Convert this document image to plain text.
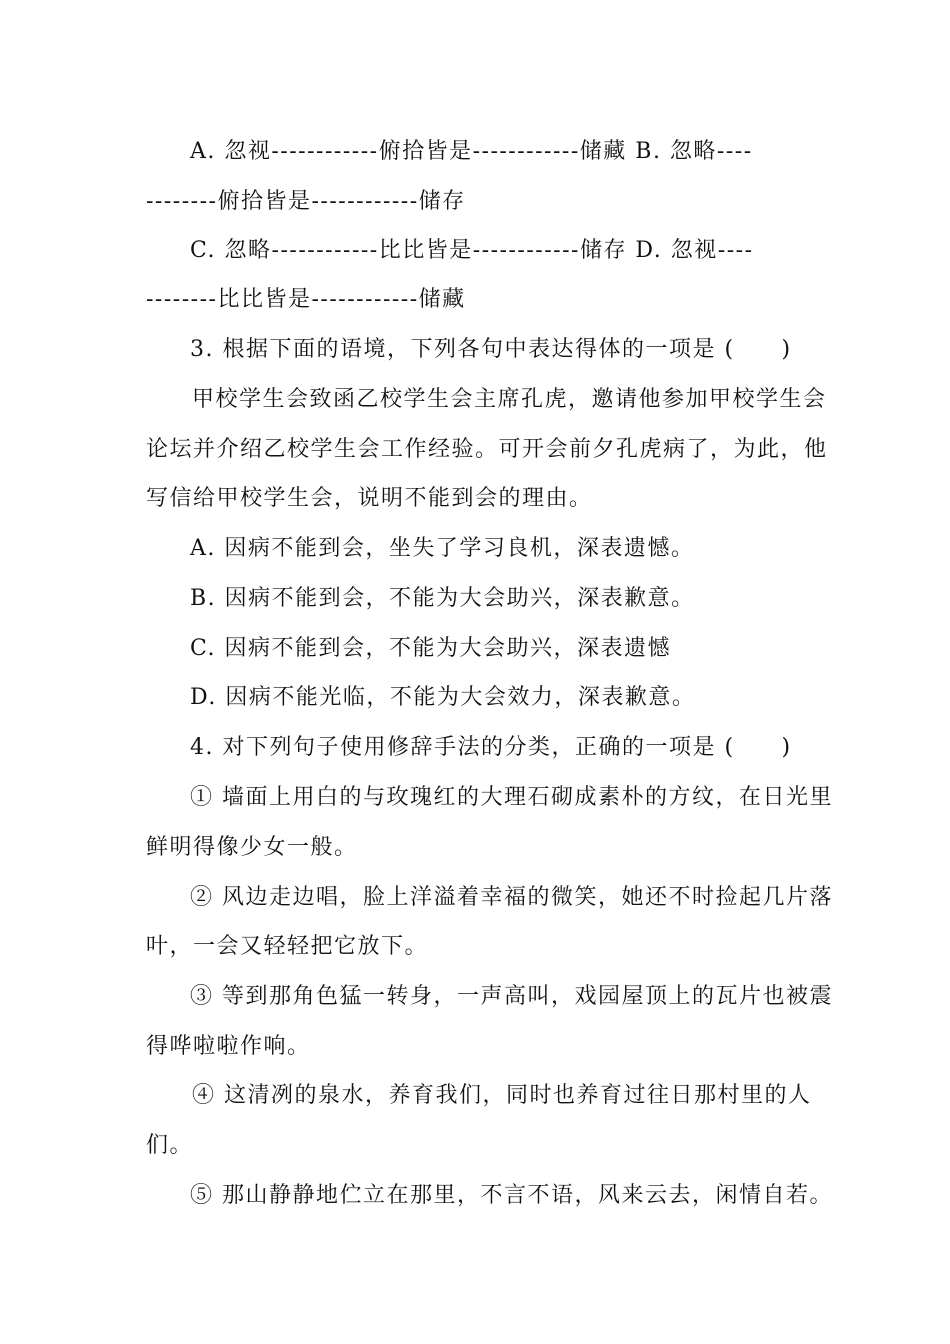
A. 忽视------------俯拾皆是------------储藏 B. 忽略----
--------俯拾皆是------------储存
C. 忽略------------比比皆是------------储存 D. 忽视----
--------比比皆是------------储藏
3. 根据下面的语境，下列各句中表达得体的一项是 (　　)
甲校学生会致函乙校学生会主席孔虎，邀请他参加甲校学生会
论坛并介绍乙校学生会工作经验。可开会前夕孔虎病了，为此，他
写信给甲校学生会，说明不能到会的理由。
A. 因病不能到会，坐失了学习良机，深表遗憾。
B. 因病不能到会，不能为大会助兴，深表歉意。
C. 因病不能到会，不能为大会助兴，深表遗憾
D. 因病不能光临，不能为大会效力，深表歉意。
4. 对下列句子使用修辞手法的分类，正确的一项是 (　　)
① 墙面上用白的与玫瑰红的大理石砌成素朴的方纹，在日光里
鲜明得像少女一般。
② 风边走边唱，脸上洋溢着幸福的微笑，她还不时捡起几片落
叶，一会又轻轻把它放下。
③ 等到那角色猛一转身，一声高叫，戏园屋顶上的瓦片也被震
得哗啦啦作响。
④ 这清冽的泉水，养育我们，同时也养育过往日那村里的人
们。
⑤ 那山静静地伫立在那里，不言不语，风来云去，闲情自若。
